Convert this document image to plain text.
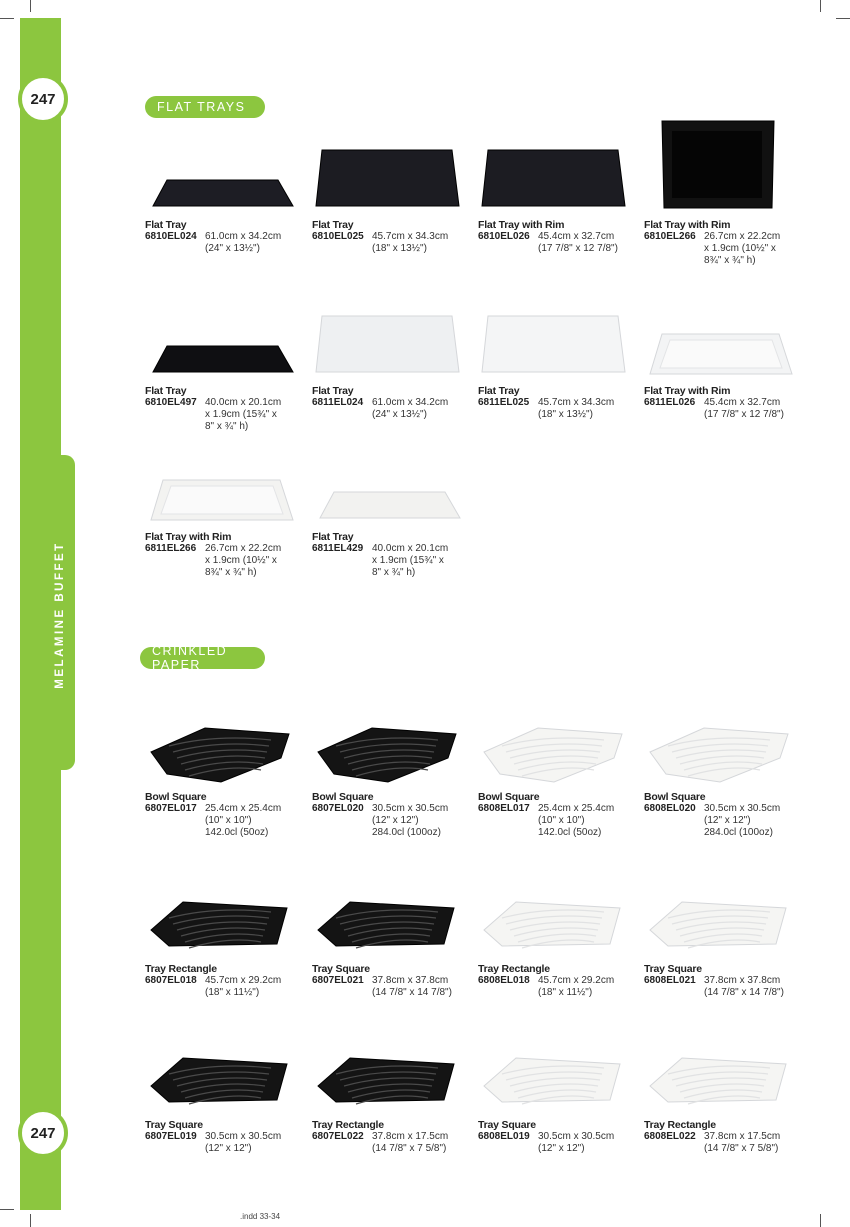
MELAMINE BUFFET
247
247
FLAT TRAYS
CRINKLED PAPER
Flat Tray
6810EL024 61.0cm x 34.2cm
(24" x 13½")
Flat Tray
6810EL025 45.7cm x 34.3cm
(18" x 13½")
Flat Tray with Rim
6810EL026 45.4cm x 32.7cm
(17 7/8" x 12 7/8")
Flat Tray with Rim
6810EL266 26.7cm x 22.2cm
x 1.9cm (10½" x
8¾" x ¾" h)
Flat Tray
6810EL497 40.0cm x 20.1cm
x 1.9cm (15¾" x
8" x ¾" h)
Flat Tray
6811EL024 61.0cm x 34.2cm
(24" x 13½")
Flat Tray
6811EL025 45.7cm x 34.3cm
(18" x 13½")
Flat Tray with Rim
6811EL026 45.4cm x 32.7cm
(17 7/8" x 12 7/8")
Flat Tray with Rim
6811EL266 26.7cm x 22.2cm
x 1.9cm (10½" x
8¾" x ¾" h)
Flat Tray
6811EL429 40.0cm x 20.1cm
x 1.9cm (15¾" x
8" x ¾" h)
Bowl Square
6807EL017 25.4cm x 25.4cm
(10" x 10")
142.0cl (50oz)
Bowl Square
6807EL020 30.5cm x 30.5cm
(12" x 12")
284.0cl (100oz)
Bowl Square
6808EL017 25.4cm x 25.4cm
(10" x 10")
142.0cl (50oz)
Bowl Square
6808EL020 30.5cm x 30.5cm
(12" x 12")
284.0cl (100oz)
Tray Rectangle
6807EL018 45.7cm x 29.2cm
(18" x 11½")
Tray Square
6807EL021 37.8cm x 37.8cm
(14 7/8" x 14 7/8")
Tray Rectangle
6808EL018 45.7cm x 29.2cm
(18" x 11½")
Tray Square
6808EL021 37.8cm x 37.8cm
(14 7/8" x 14 7/8")
Tray Square
6807EL019 30.5cm x 30.5cm
(12" x 12")
Tray Rectangle
6807EL022 37.8cm x 17.5cm
(14 7/8" x 7 5/8")
Tray Square
6808EL019 30.5cm x 30.5cm
(12" x 12")
Tray Rectangle
6808EL022 37.8cm x 17.5cm
(14 7/8" x 7 5/8")
.indd 33-34
